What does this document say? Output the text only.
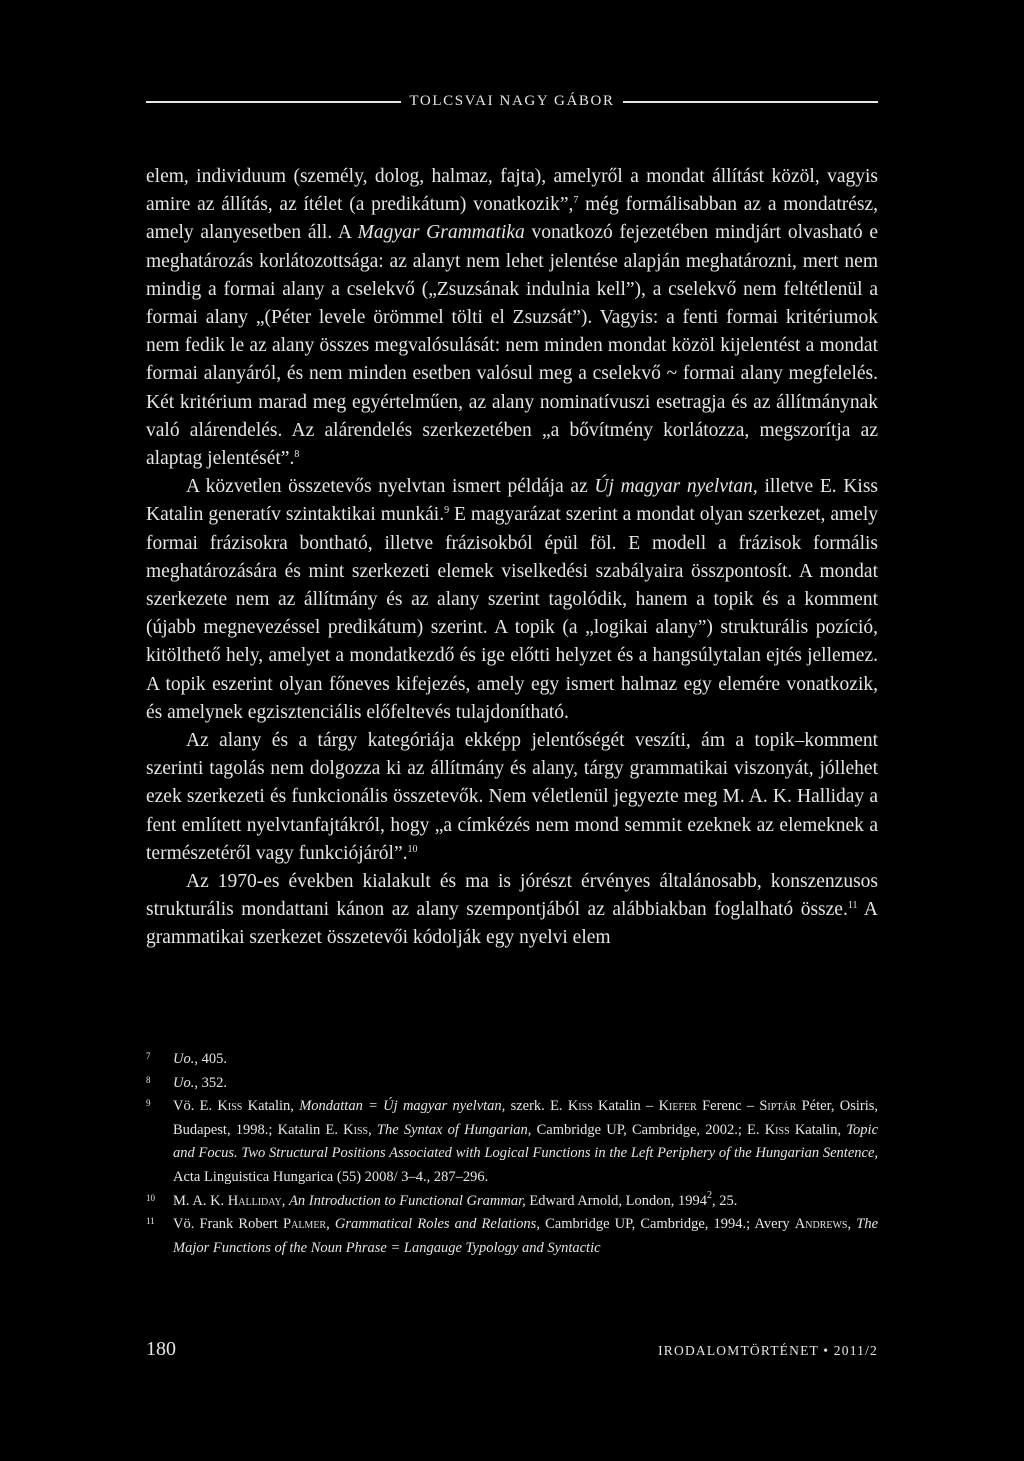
TOLCSVAI NAGY GÁBOR

elem, individuum (személy, dolog, halmaz, fajta), amelyről a mondat állítást közöl, vagyis amire az állítás, az ítélet (a predikátum) vonatkozik”,$^7$ még formálisabban az a mondatrész, amely alanyesetben áll. A Magyar Grammatika vonatkozó fejezetében mindjárt olvasható e meghatározás korlátozottsága: az alanyt nem lehet jelentése alapján meghatározni, mert nem mindig a formai alany a cselekvő („Zsuzsának indulnia kell”), a cselekvő nem feltétlenül a formai alany „(Péter levele örömmel tölti el Zsuzsát”). Vagyis: a fenti formai kritériumok nem fedik le az alany összes megvalósulását: nem minden mondat közöl kijelentést a mondat formai alanyáról, és nem minden esetben valósul meg a cselekvő ~ formai alany megfelelés. Két kritérium marad meg egyértelműen, az alany nominatívuszi esetragja és az állítmánynak való alárendelés. Az alárendelés szerkezetében „a bővítmény korlátozza, megszorítja az alaptag jelentését”.$^8$

A közvetlen összetevős nyelvtan ismert példája az Új magyar nyelvtan, illetve E. Kiss Katalin generatív szintaktikai munkái.$^9$ E magyarázat szerint a mondat olyan szerkezet, amely formai frázisokra bontható, illetve frázisokból épül föl. E modell a frázisok formális meghatározására és mint szerkezeti elemek viselkedési szabályaira összpontosít. A mondat szerkezete nem az állítmány és az alany szerint tagolódik, hanem a topik és a komment (újabb megnevezéssel predikátum) szerint. A topik (a „logikai alany”) strukturális pozíció, kitölthető hely, amelyet a mondatkezdő és ige előtti helyzet és a hangsúlytalan ejtés jellemez. A topik eszerint olyan főneves kifejezés, amely egy ismert halmaz egy elemére vonatkozik, és amelynek egzisztenciális előfeltevés tulajdonítható.

Az alany és a tárgy kategóriája ekképp jelentőségét veszíti, ám a topik–komment szerinti tagolás nem dolgozza ki az állítmány és alany, tárgy grammatikai viszonyát, jóllehet ezek szerkezeti és funkcionális összetevők. Nem véletlenül jegyezte meg M. A. K. Halliday a fent említett nyelvtanfajtákról, hogy „a címkézés nem mond semmit ezeknek az elemeknek a természetéről vagy funkciójáról”.$^{10}$

Az 1970-es években kialakult és ma is jórészt érvényes általánosabb, konszenzusos strukturális mondattani kánon az alany szempontjából az alábbiakban foglalható össze.$^{11}$ A grammatikai szerkezet összetevői kódolják egy nyelvi elem

7	Uo., 405.
8	Uo., 352.
9	Vö. E. Kiss Katalin, Mondattan = Új magyar nyelvtan, szerk. E. Kiss Katalin – Kiefer Ferenc – Siptár Péter, Osiris, Budapest, 1998.; Katalin E. Kiss, The Syntax of Hungarian, Cambridge UP, Cambridge, 2002.; E. Kiss Katalin, Topic and Focus. Two Structural Positions Associated with Logical Functions in the Left Periphery of the Hungarian Sentence, Acta Linguistica Hungarica (55) 2008/ 3–4., 287–296.
10	M. A. K. Halliday, An Introduction to Functional Grammar, Edward Arnold, London, 1994$^2$, 25.
11	Vö. Frank Robert Palmer, Grammatical Roles and Relations, Cambridge UP, Cambridge, 1994.; Avery Andrews, The Major Functions of the Noun Phrase = Langauge Typology and Syntactic
180	IRODALOMTÖRTÉNET • 2011/2
